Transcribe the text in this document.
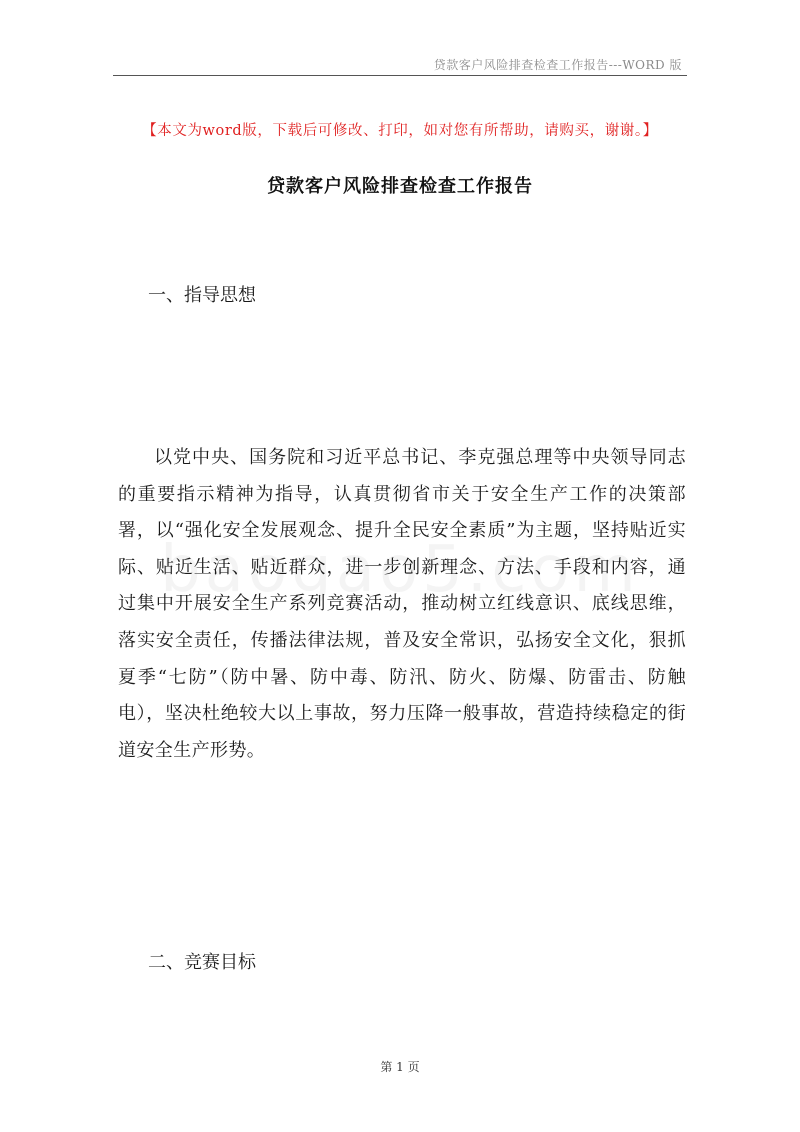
贷款客户风险排查检查工作报告---WORD 版
【本文为word版，下载后可修改、打印，如对您有所帮助，请购买，谢谢。】
贷款客户风险排查检查工作报告
一、指导思想

以党中央、国务院和习近平总书记、李克强总理等中央领导同志的重要指示精神为指导，认真贯彻省市关于安全生产工作的决策部署，以“强化安全发展观念、提升全民安全素质”为主题，坚持贴近实际、贴近生活、贴近群众，进一步创新理念、方法、手段和内容，通过集中开展安全生产系列竞赛活动，推动树立红线意识、底线思维，落实安全责任，传播法律法规，普及安全常识，弘扬安全文化，狠抓夏季“七防”（防中暑、防中毒、防汛、防火、防爆、防雷击、防触电），坚决杜绝较大以上事故，努力压降一般事故，营造持续稳定的街道安全生产形势。

二、竞赛目标
第 1 页
